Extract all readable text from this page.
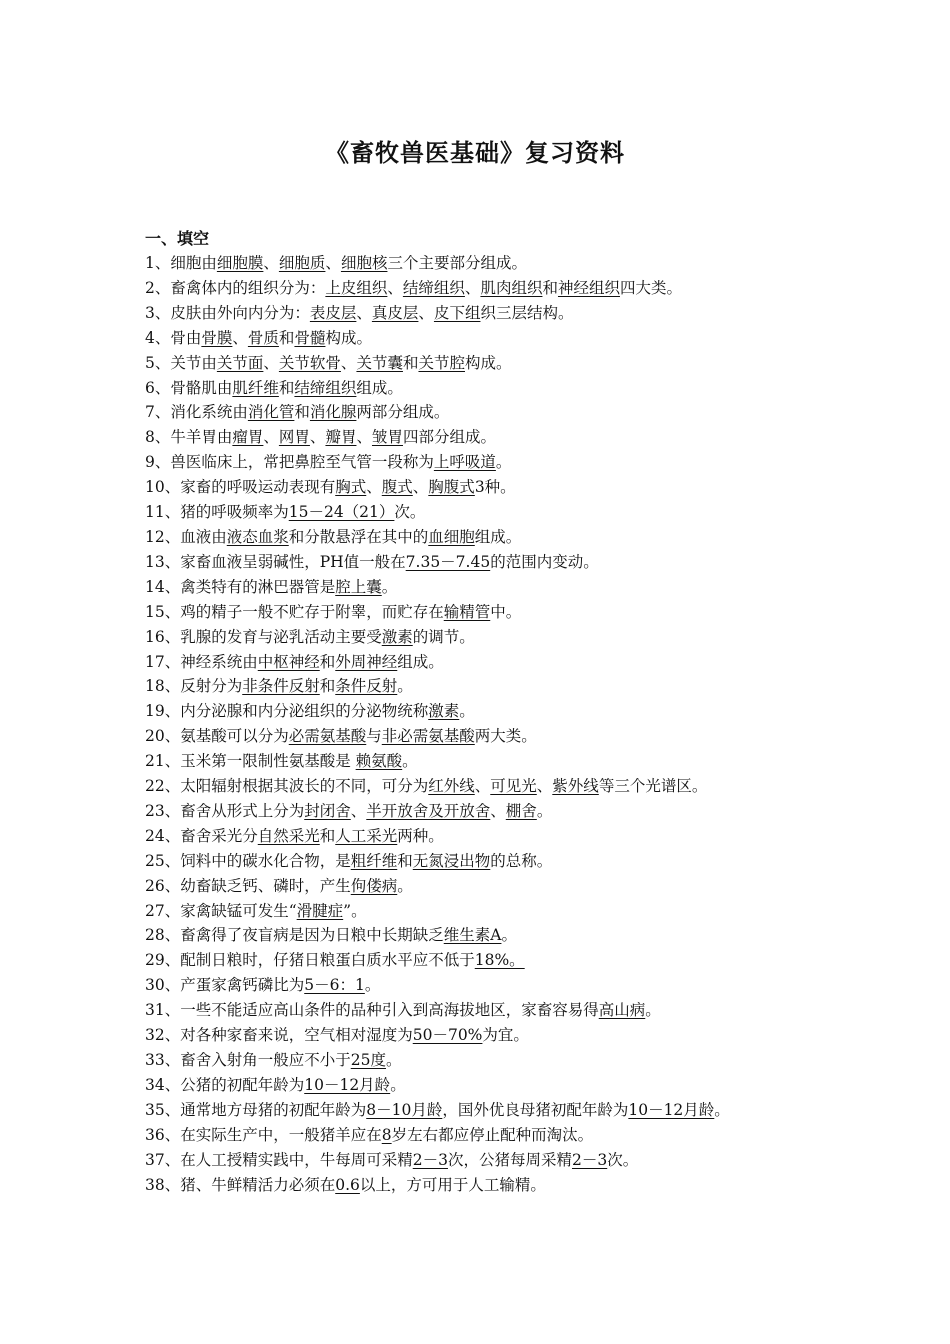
《畜牧兽医基础》复习资料
一、填空
1、细胞由细胞膜、细胞质、细胞核三个主要部分组成。
2、畜禽体内的组织分为：上皮组织、结缔组织、肌肉组织和神经组织四大类。
3、皮肤由外向内分为：表皮层、真皮层、皮下组织三层结构。
4、骨由骨膜、骨质和骨髓构成。
5、关节由关节面、关节软骨、关节囊和关节腔构成。
6、骨骼肌由肌纤维和结缔组织组成。
7、消化系统由消化管和消化腺两部分组成。
8、牛羊胃由瘤胃、网胃、瓣胃、皱胃四部分组成。
9、兽医临床上，常把鼻腔至气管一段称为上呼吸道。
10、家畜的呼吸运动表现有胸式、腹式、胸腹式3种。
11、猪的呼吸频率为15－24（21）次。
12、血液由液态血浆和分散悬浮在其中的血细胞组成。
13、家畜血液呈弱碱性，PH值一般在7.35－7.45的范围内变动。
14、禽类特有的淋巴器管是腔上囊。
15、鸡的精子一般不贮存于附睾，而贮存在输精管中。
16、乳腺的发育与泌乳活动主要受激素的调节。
17、神经系统由中枢神经和外周神经组成。
18、反射分为非条件反射和条件反射。
19、内分泌腺和内分泌组织的分泌物统称激素。
20、氨基酸可以分为必需氨基酸与非必需氨基酸两大类。
21、玉米第一限制性氨基酸是 赖氨酸。
22、太阳辐射根据其波长的不同，可分为红外线、可见光、紫外线等三个光谱区。
23、畜舍从形式上分为封闭舍、半开放舍及开放舍、棚舍。
24、畜舍采光分自然采光和人工采光两种。
25、饲料中的碳水化合物，是粗纤维和无氮浸出物的总称。
26、幼畜缺乏钙、磷时，产生佝偻病。
27、家禽缺锰可发生“滑腱症”。
28、畜禽得了夜盲病是因为日粮中长期缺乏维生素A。
29、配制日粮时，仔猪日粮蛋白质水平应不低于18%。
30、产蛋家禽钙磷比为5－6：1。
31、一些不能适应高山条件的品种引入到高海拔地区，家畜容易得高山病。
32、对各种家畜来说，空气相对湿度为50－70%为宜。
33、畜舍入射角一般应不小于25度。
34、公猪的初配年龄为10－12月龄。
35、通常地方母猪的初配年龄为8－10月龄，国外优良母猪初配年龄为10－12月龄。
36、在实际生产中，一般猪羊应在8岁左右都应停止配种而淘汰。
37、在人工授精实践中，牛每周可采精2－3次，公猪每周采精2－3次。
38、猪、牛鲜精活力必须在0.6以上，方可用于人工输精。
